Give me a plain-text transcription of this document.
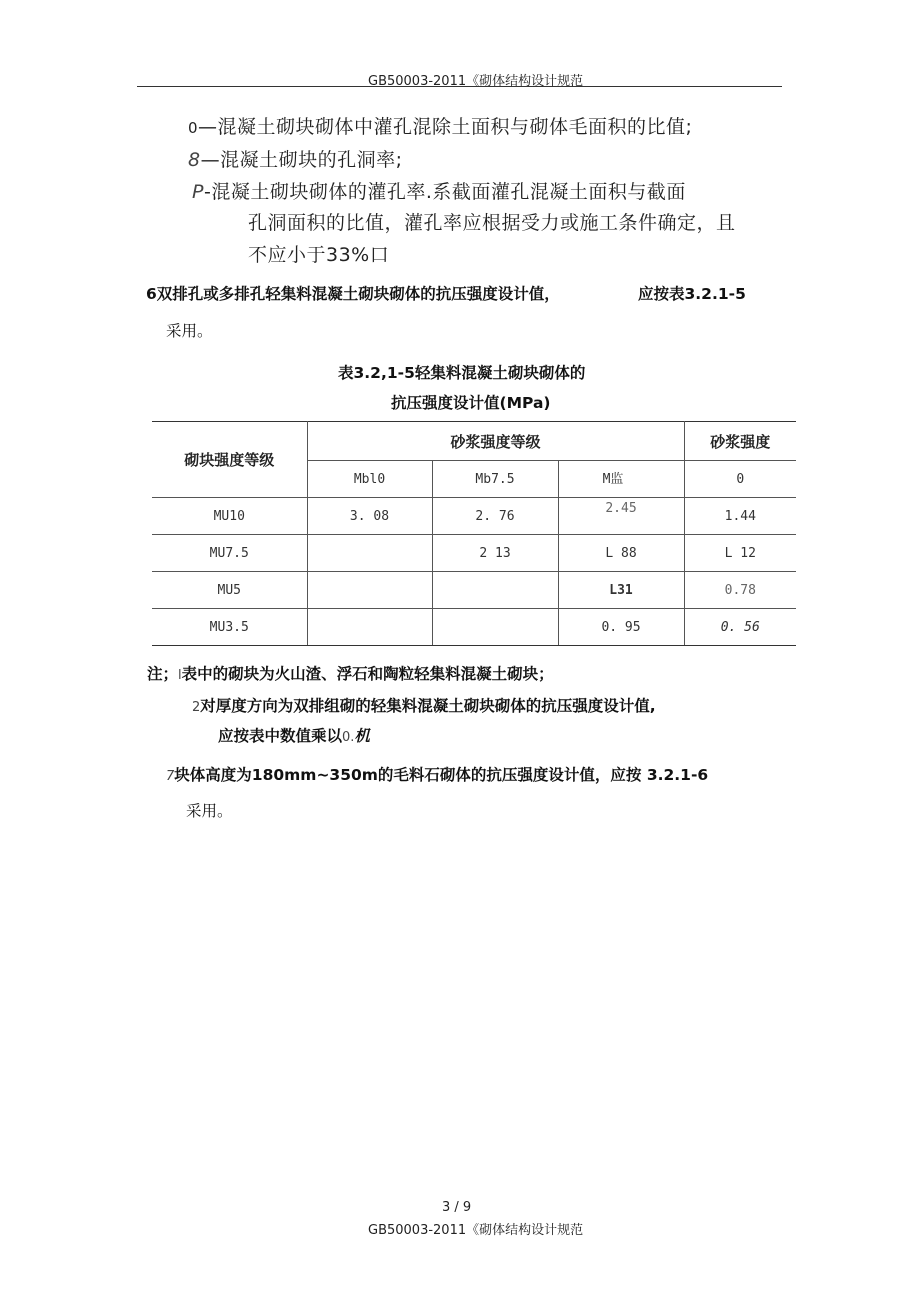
GB50003-2011《砌体结构设计规范
0—混凝土砌块砌体中灌孔混除土面积与砌体毛面积的比值;
8—混凝土砌块的孔洞率;
P-混凝土砌块砌体的灌孔率.系截面灌孔混凝土面积与截面
孔洞面积的比值，灌孔率应根据受力或施工条件确定，且
不应小于33%口
6双排孔或多排孔轻集料混凝土砌块砌体的抗压强度设计值，	应按表3.2.1-5
采用。
表3.2,1-5轻集料混凝土砌块砌体的
抗压强度设计值(MPa)
砌块强度等级	砂浆强度等级			砂浆强度
	Mbl0	Mb7.5	M监	0
MU10	3. 08	2. 76	2.45	1.44
MU7.5		2 13	L 88	L 12
MU5			L31	0.78
MU3.5			0. 95	0. 56
注；l表中的砌块为火山渣、浮石和陶粒轻集料混凝土砌块；
2对厚度方向为双排组砌的轻集料混凝土砌块砌体的抗压强度设计值,
应按表中数值乘以0.机
7块体高度为180mm~350m的毛料石砌体的抗压强度设计值，应按 3.2.1-6
采用。
3 / 9
GB50003-2011《砌体结构设计规范
